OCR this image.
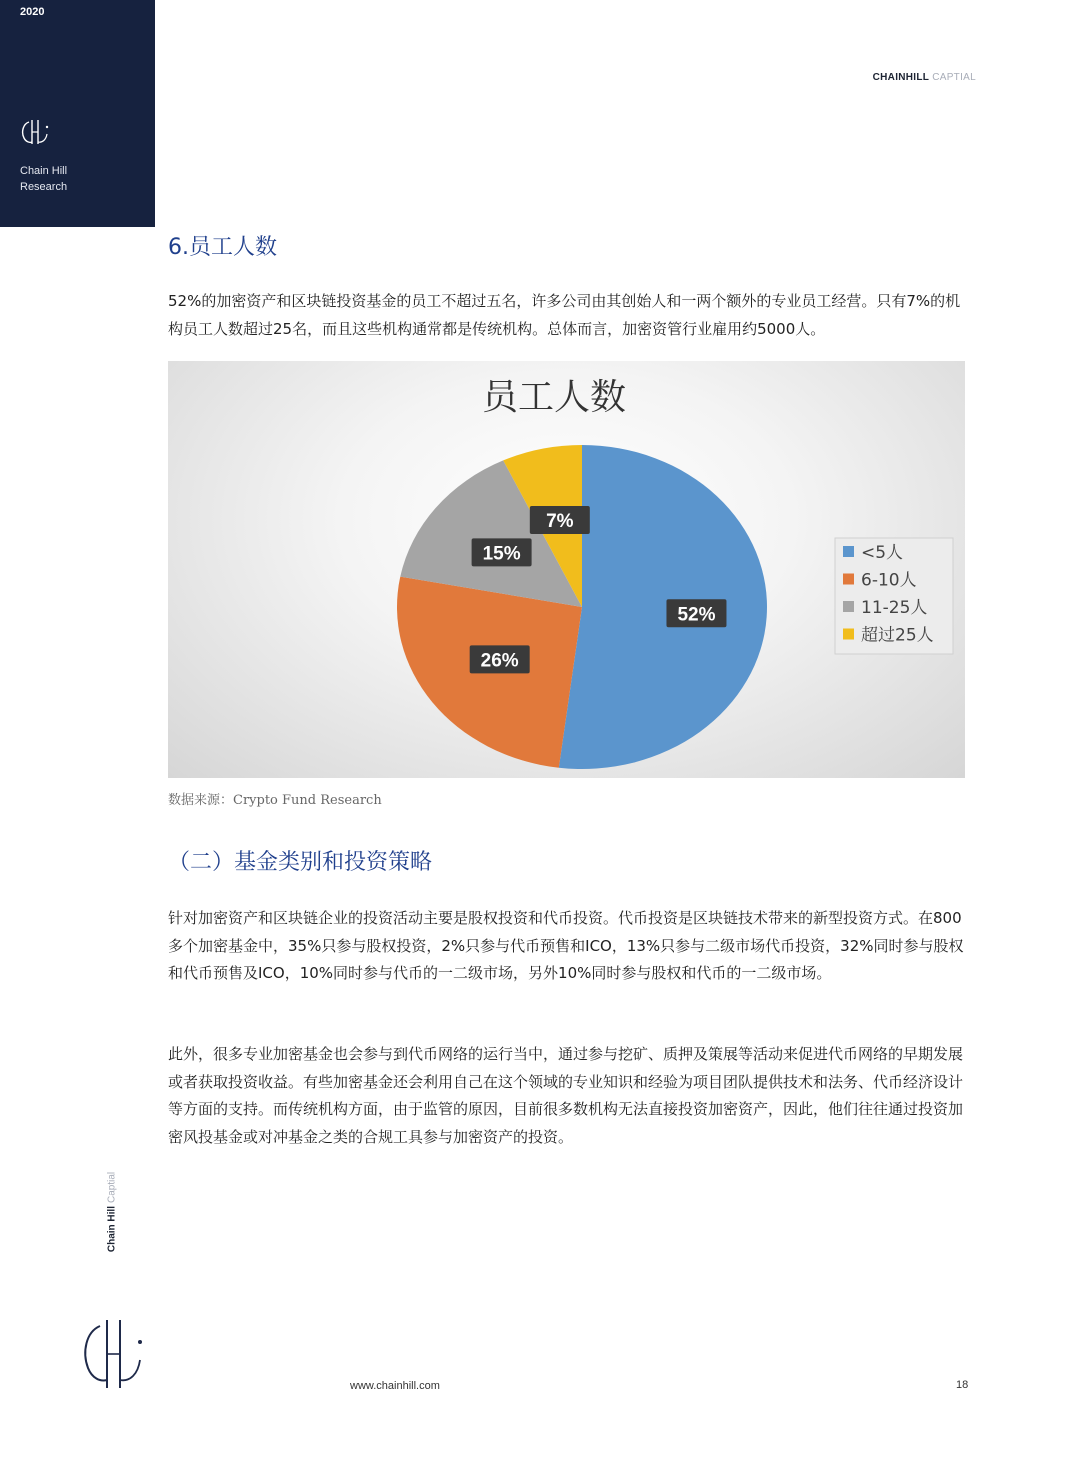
2020
Chain Hill
Research
CHAINHILL CAPTIAL
6.员工人数

52%的加密资产和区块链投资基金的员工不超过五名，许多公司由其创始人和一两个额外的专业员工经营。只有7%的机构员工人数超过25名，而且这些机构通常都是传统机构。总体而言，加密资管行业雇用约5000人。

员工人数
52%
26%
15%
7%
<5人
6-10人
11-25人
超过25人
数据来源：Crypto Fund Research
（二）基金类别和投资策略

针对加密资产和区块链企业的投资活动主要是股权投资和代币投资。代币投资是区块链技术带来的新型投资方式。在800多个加密基金中，35%只参与股权投资，2%只参与代币预售和ICO，13%只参与二级市场代币投资，32%同时参与股权和代币预售及ICO，10%同时参与代币的一二级市场，另外10%同时参与股权和代币的一二级市场。

此外，很多专业加密基金也会参与到代币网络的运行当中，通过参与挖矿、质押及策展等活动来促进代币网络的早期发展或者获取投资收益。有些加密基金还会利用自己在这个领域的专业知识和经验为项目团队提供技术和法务、代币经济设计等方面的支持。而传统机构方面，由于监管的原因，目前很多数机构无法直接投资加密资产，因此，他们往往通过投资加密风投基金或对冲基金之类的合规工具参与加密资产的投资。

Chain HillCaptial
www.chainhill.com	18
